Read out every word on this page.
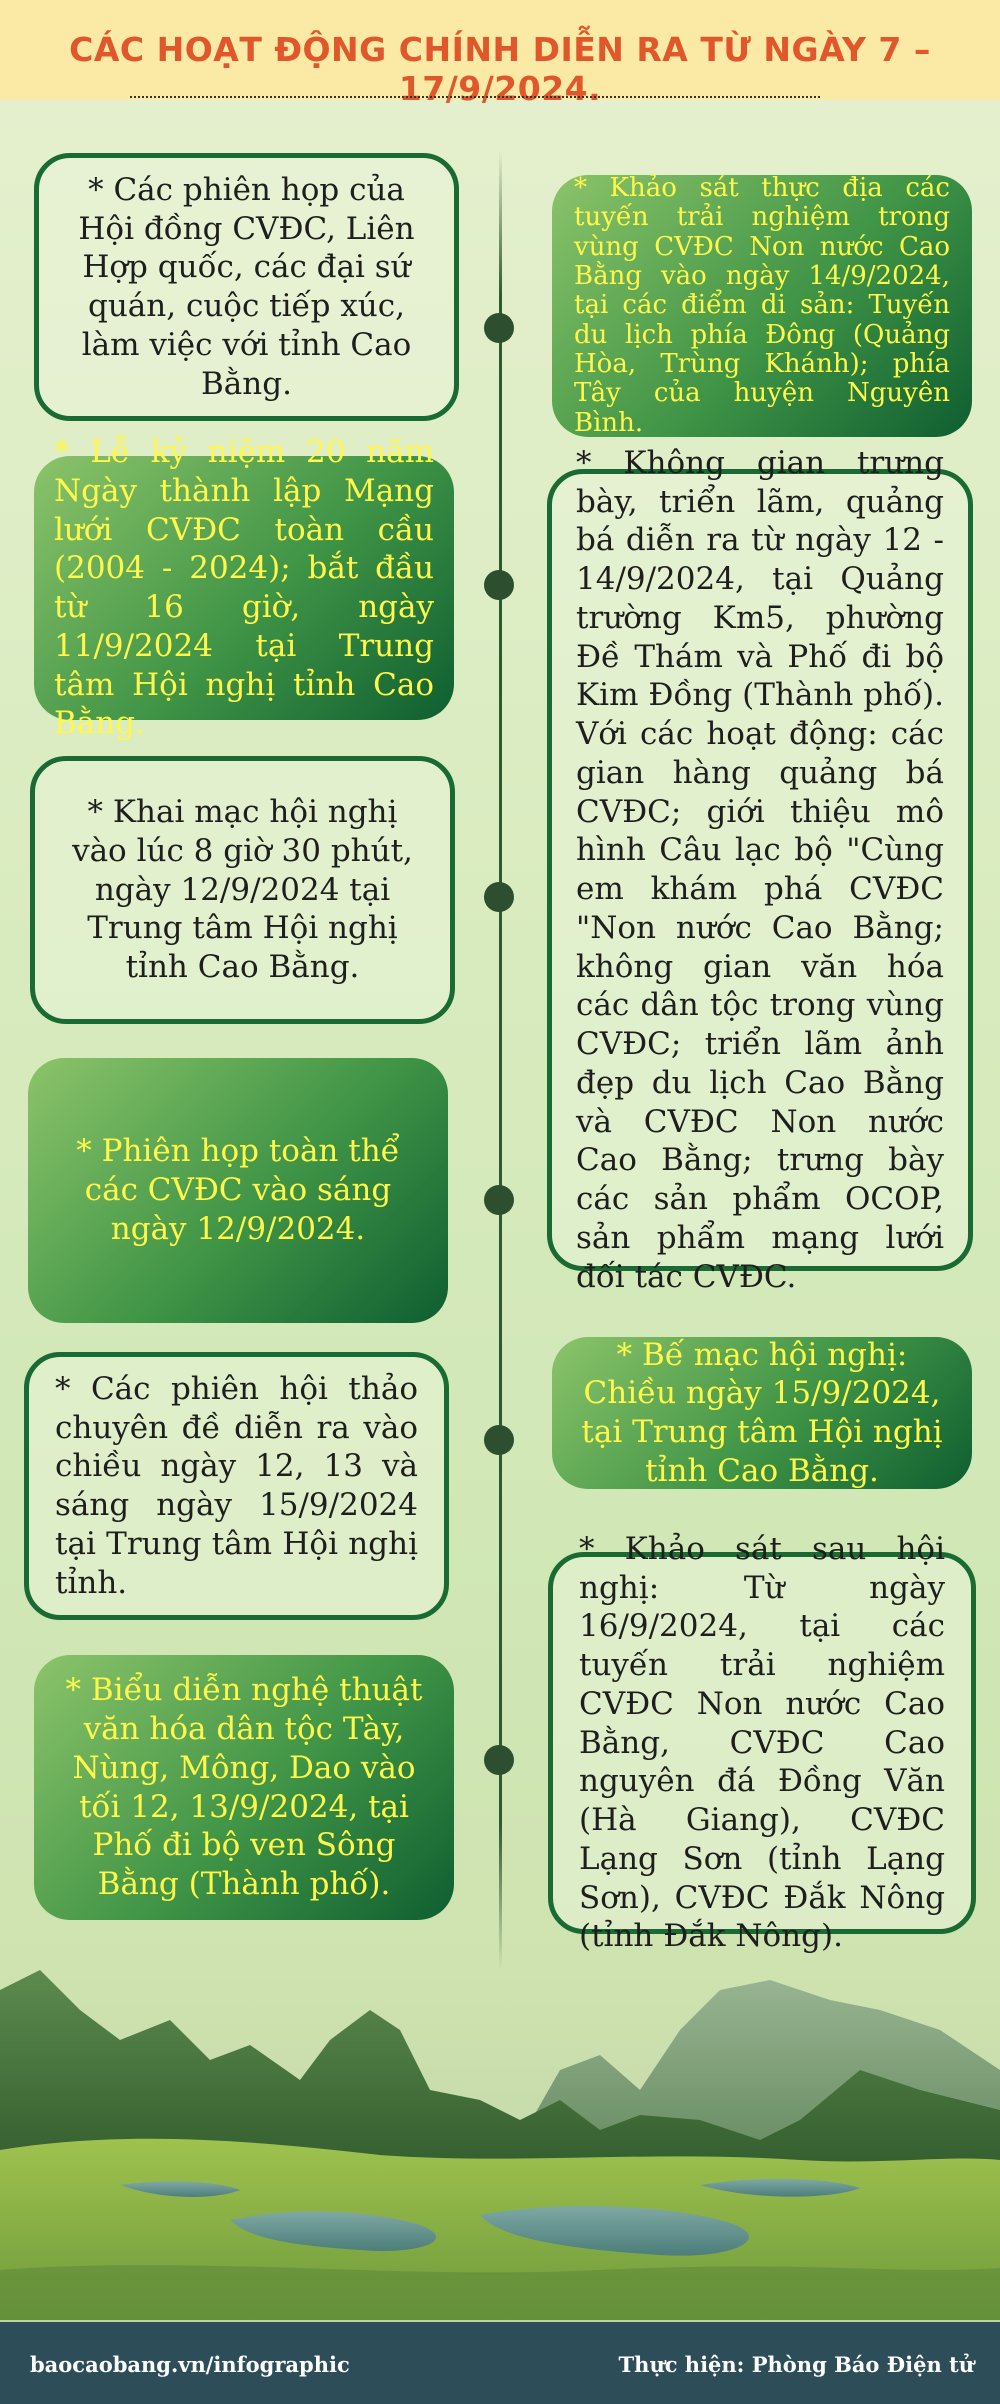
CÁC HOẠT ĐỘNG CHÍNH DIỄN RA TỪ NGÀY 7 – 17/9/2024.

* Các phiên họp của Hội đồng CVĐC, Liên Hợp quốc, các đại sứ quán, cuộc tiếp xúc, làm việc với tỉnh Cao Bằng.

* Lễ kỷ niệm 20 năm Ngày thành lập Mạng lưới CVĐC toàn cầu (2004 - 2024); bắt đầu từ 16 giờ, ngày 11/9/2024 tại Trung tâm Hội nghị tỉnh Cao Bằng.

* Khai mạc hội nghị vào lúc 8 giờ 30 phút, ngày 12/9/2024 tại Trung tâm Hội nghị tỉnh Cao Bằng.

* Phiên họp toàn thể các CVĐC vào sáng ngày 12/9/2024.

* Các phiên hội thảo chuyên đề diễn ra vào chiều ngày 12, 13 và sáng ngày 15/9/2024 tại Trung tâm Hội nghị tỉnh.

* Biểu diễn nghệ thuật văn hóa dân tộc Tày, Nùng, Mông, Dao vào tối 12, 13/9/2024, tại Phố đi bộ ven Sông Bằng (Thành phố).

* Khảo sát thực địa các tuyến trải nghiệm trong vùng CVĐC Non nước Cao Bằng vào ngày 14/9/2024, tại các điểm di sản: Tuyến du lịch phía Đông (Quảng Hòa, Trùng Khánh); phía Tây của huyện Nguyên Bình.

* Không gian trưng bày, triển lãm, quảng bá diễn ra từ ngày 12 - 14/9/2024, tại Quảng trường Km5, phường Đề Thám và Phố đi bộ Kim Đồng (Thành phố). Với các hoạt động: các gian hàng quảng bá CVĐC; giới thiệu mô hình Câu lạc bộ "Cùng em khám phá CVĐC "Non nước Cao Bằng; không gian văn hóa các dân tộc trong vùng CVĐC; triển lãm ảnh đẹp du lịch Cao Bằng và CVĐC Non nước Cao Bằng; trưng bày các sản phẩm OCOP, sản phẩm mạng lưới đối tác CVĐC.

* Bế mạc hội nghị: Chiều ngày 15/9/2024, tại Trung tâm Hội nghị tỉnh Cao Bằng.

* Khảo sát sau hội nghị: Từ ngày 16/9/2024, tại các tuyến trải nghiệm CVĐC Non nước Cao Bằng, CVĐC Cao nguyên đá Đồng Văn (Hà Giang), CVĐC Lạng Sơn (tỉnh Lạng Sơn), CVĐC Đắk Nông (tỉnh Đắk Nông).

baocaobang.vn/infographic	Thực hiện: Phòng Báo Điện tử
